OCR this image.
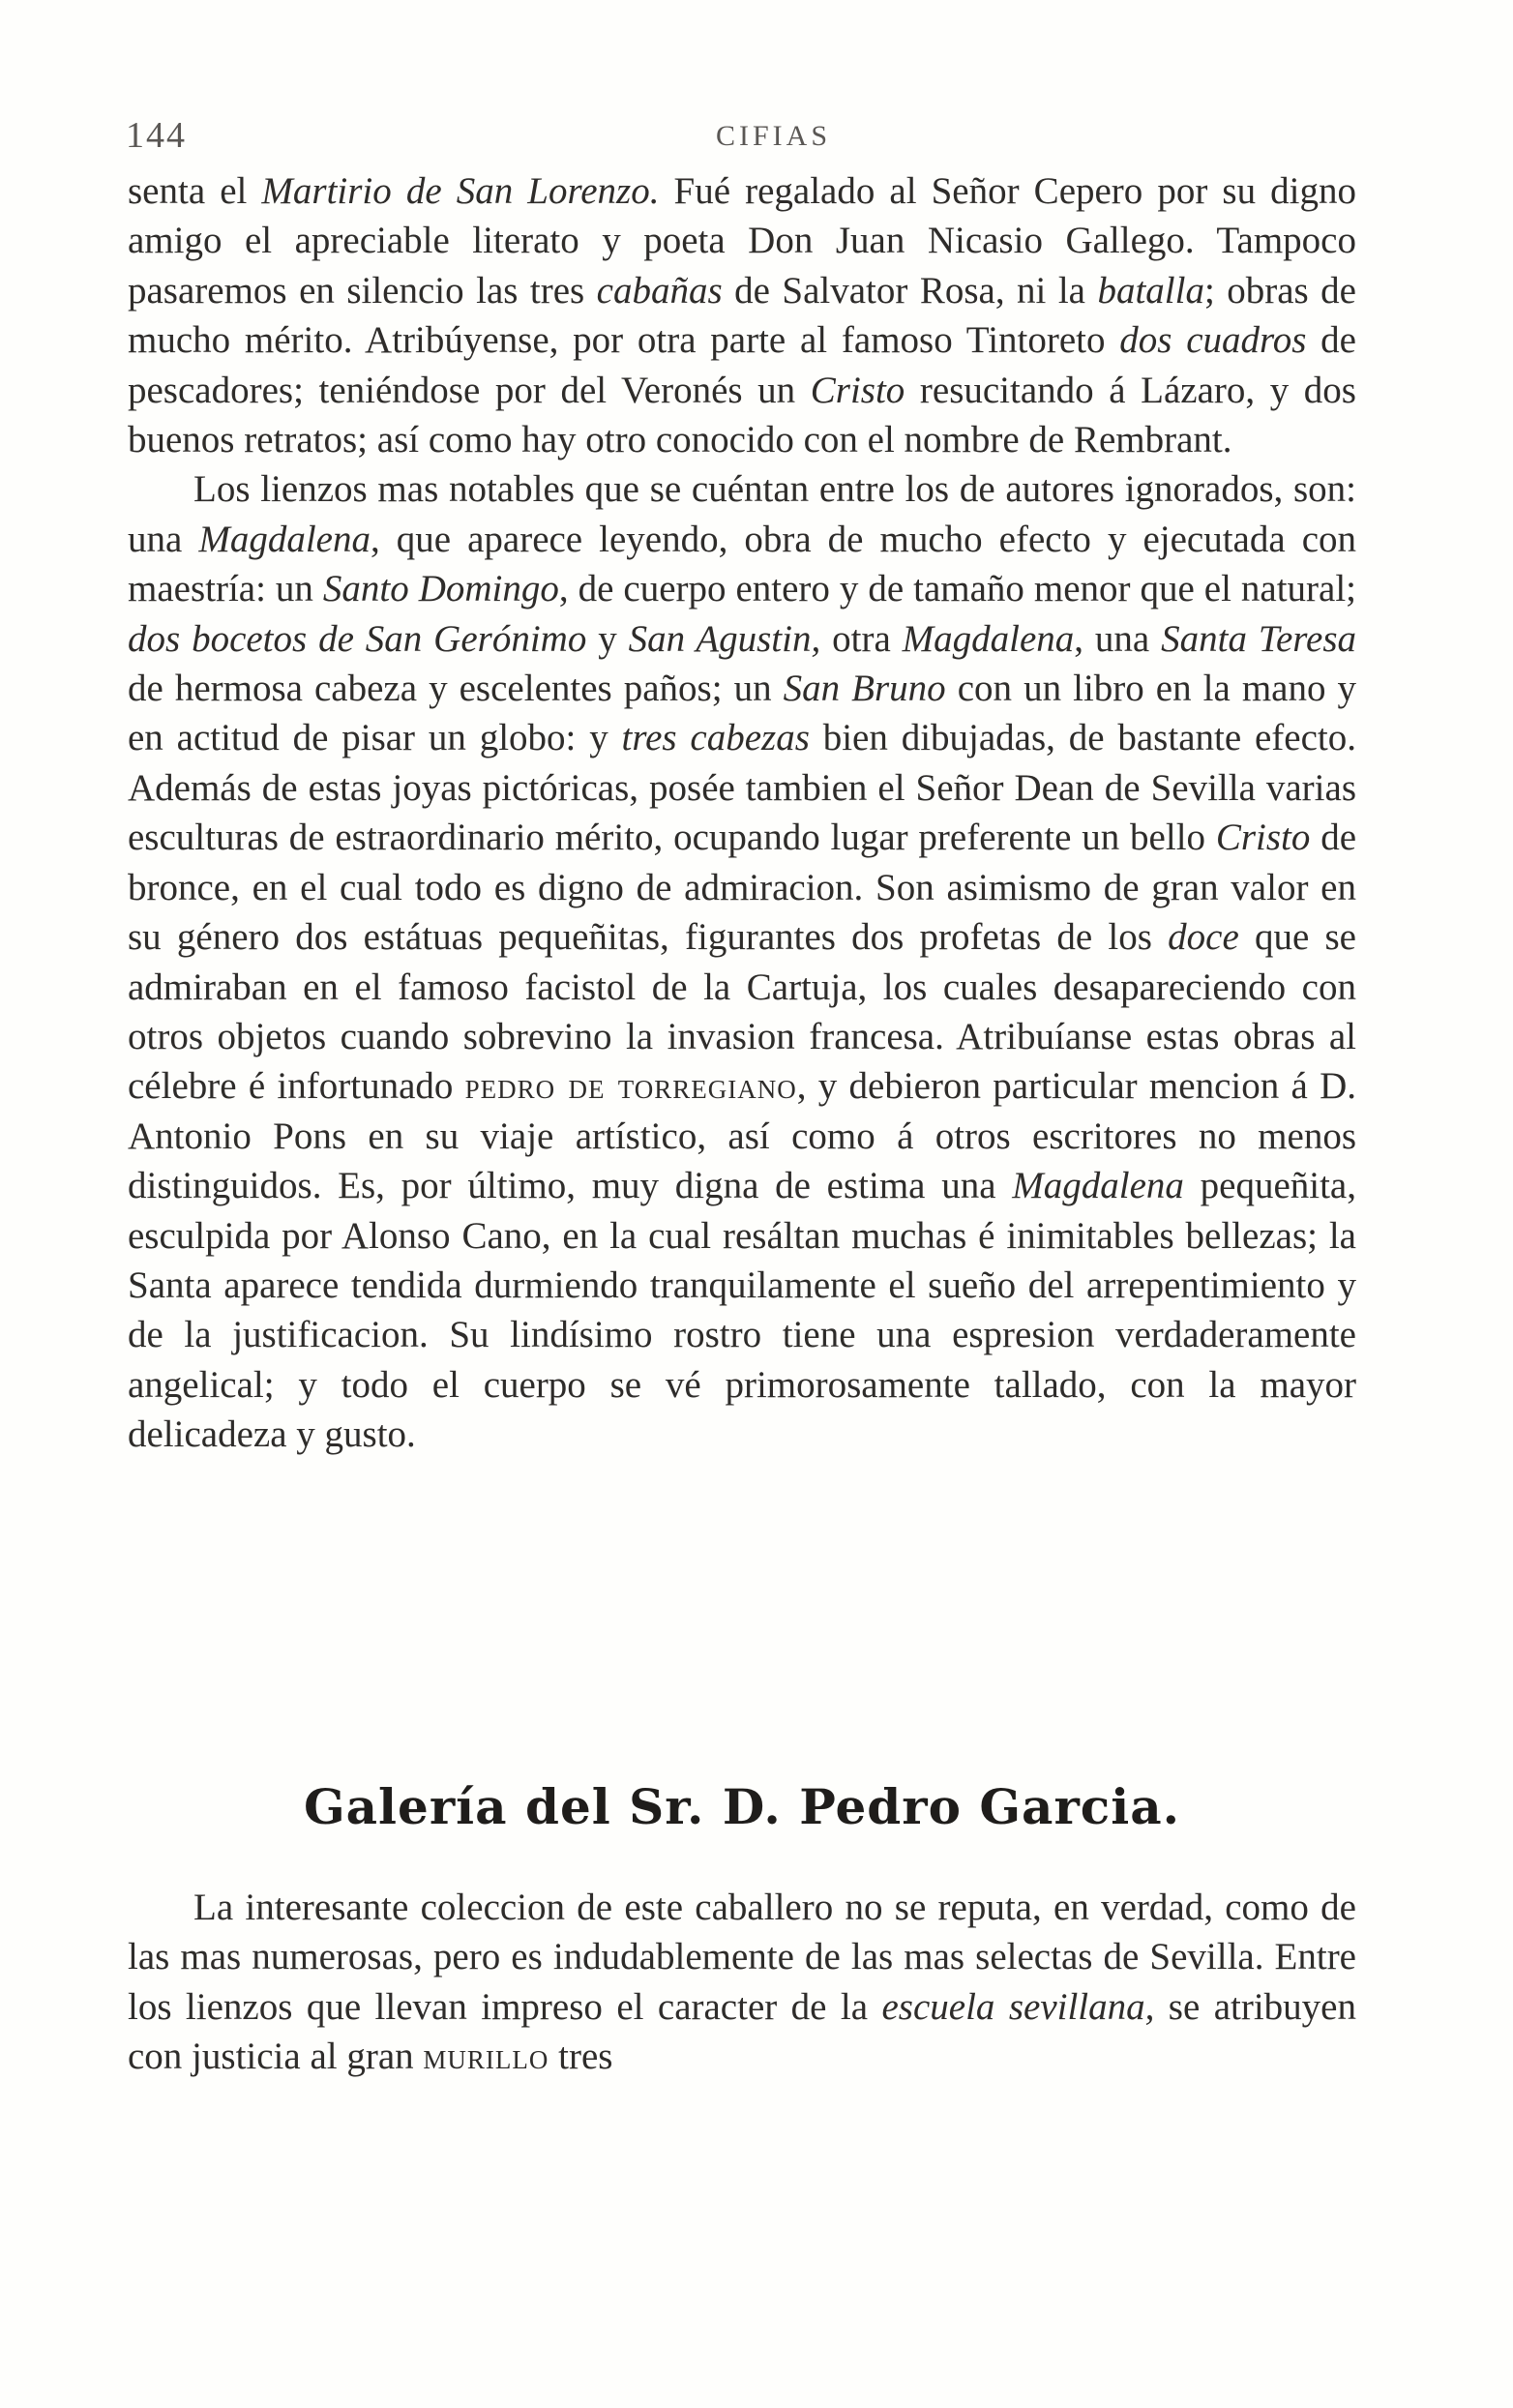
144	CIFIAS

senta el Martirio de San Lorenzo. Fué regalado al Señor Cepero por su digno amigo el apreciable literato y poeta Don Juan Nicasio Gallego. Tampoco pasaremos en silencio las tres cabañas de Salvator Rosa, ni la batalla; obras de mucho mérito. Atribúyense, por otra parte al famoso Tintoreto dos cuadros de pescadores; teniéndose por del Veronés un Cristo resucitando á Lázaro, y dos buenos retratos; así como hay otro conocido con el nombre de Rembrant.

Los lienzos mas notables que se cuéntan entre los de autores ignorados, son: una Magdalena, que aparece leyendo, obra de mucho efecto y ejecutada con maestría: un Santo Domingo, de cuerpo entero y de tamaño menor que el natural; dos bocetos de San Gerónimo y San Agustin, otra Magdalena, una Santa Teresa de hermosa cabeza y escelentes paños; un San Bruno con un libro en la mano y en actitud de pisar un globo: y tres cabezas bien dibujadas, de bastante efecto. Además de estas joyas pictóricas, posée tambien el Señor Dean de Sevilla varias esculturas de estraordinario mérito, ocupando lugar preferente un bello Cristo de bronce, en el cual todo es digno de admiracion. Son asimismo de gran valor en su género dos estátuas pequeñitas, figurantes dos profetas de los doce que se admiraban en el famoso facistol de la Cartuja, los cuales desapareciendo con otros objetos cuando sobrevino la invasion francesa. Atribuíanse estas obras al célebre é infortunado pedro de torregiano, y debieron particular mencion á D. Antonio Pons en su viaje artístico, así como á otros escritores no menos distinguidos. Es, por último, muy digna de estima una Magdalena pequeñita, esculpida por Alonso Cano, en la cual resáltan muchas é inimitables bellezas; la Santa aparece tendida durmiendo tranquilamente el sueño del arrepentimiento y de la justificacion. Su lindísimo rostro tiene una espresion verdaderamente angelical; y todo el cuerpo se vé primorosamente tallado, con la mayor delicadeza y gusto.

Galería del Sr. D. Pedro Garcia.

La interesante coleccion de este caballero no se reputa, en verdad, como de las mas numerosas, pero es indudablemente de las mas selectas de Sevilla. Entre los lienzos que llevan impreso el caracter de la escuela sevillana, se atribuyen con justicia al gran murillo tres
